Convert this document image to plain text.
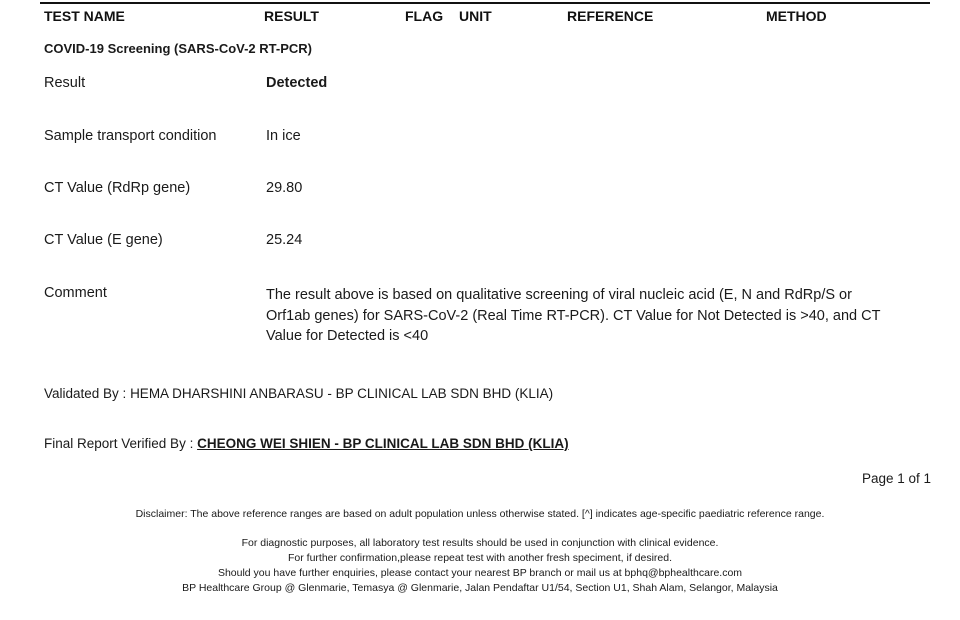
TEST NAME	RESULT	FLAG UNIT	REFERENCE	METHOD
COVID-19 Screening (SARS-CoV-2 RT-PCR)
Result	Detected
Sample transport condition	In ice
CT Value (RdRp gene)	29.80
CT Value (E gene)	25.24
Comment	The result above is based on qualitative screening of viral nucleic acid (E, N and RdRp/S or
Orf1ab genes) for SARS-CoV-2 (Real Time RT-PCR). CT Value for Not Detected is >40, and CT
Value for Detected is <40
Validated By : HEMA DHARSHINI ANBARASU - BP CLINICAL LAB SDN BHD (KLIA)
Final Report Verified By : CHEONG WEI SHIEN - BP CLINICAL LAB SDN BHD (KLIA)
Page 1 of 1
Disclaimer: The above reference ranges are based on adult population unless otherwise stated. [^] indicates age-specific paediatric reference range.
For diagnostic purposes, all laboratory test results should be used in conjunction with clinical evidence.
For further confirmation,please repeat test with another fresh speciment, if desired.
Should you have further enquiries, please contact your nearest BP branch or mail us at bphq@bphealthcare.com
BP Healthcare Group @ Glenmarie, Temasya @ Glenmarie, Jalan Pendaftar U1/54, Section U1, Shah Alam, Selangor, Malaysia
